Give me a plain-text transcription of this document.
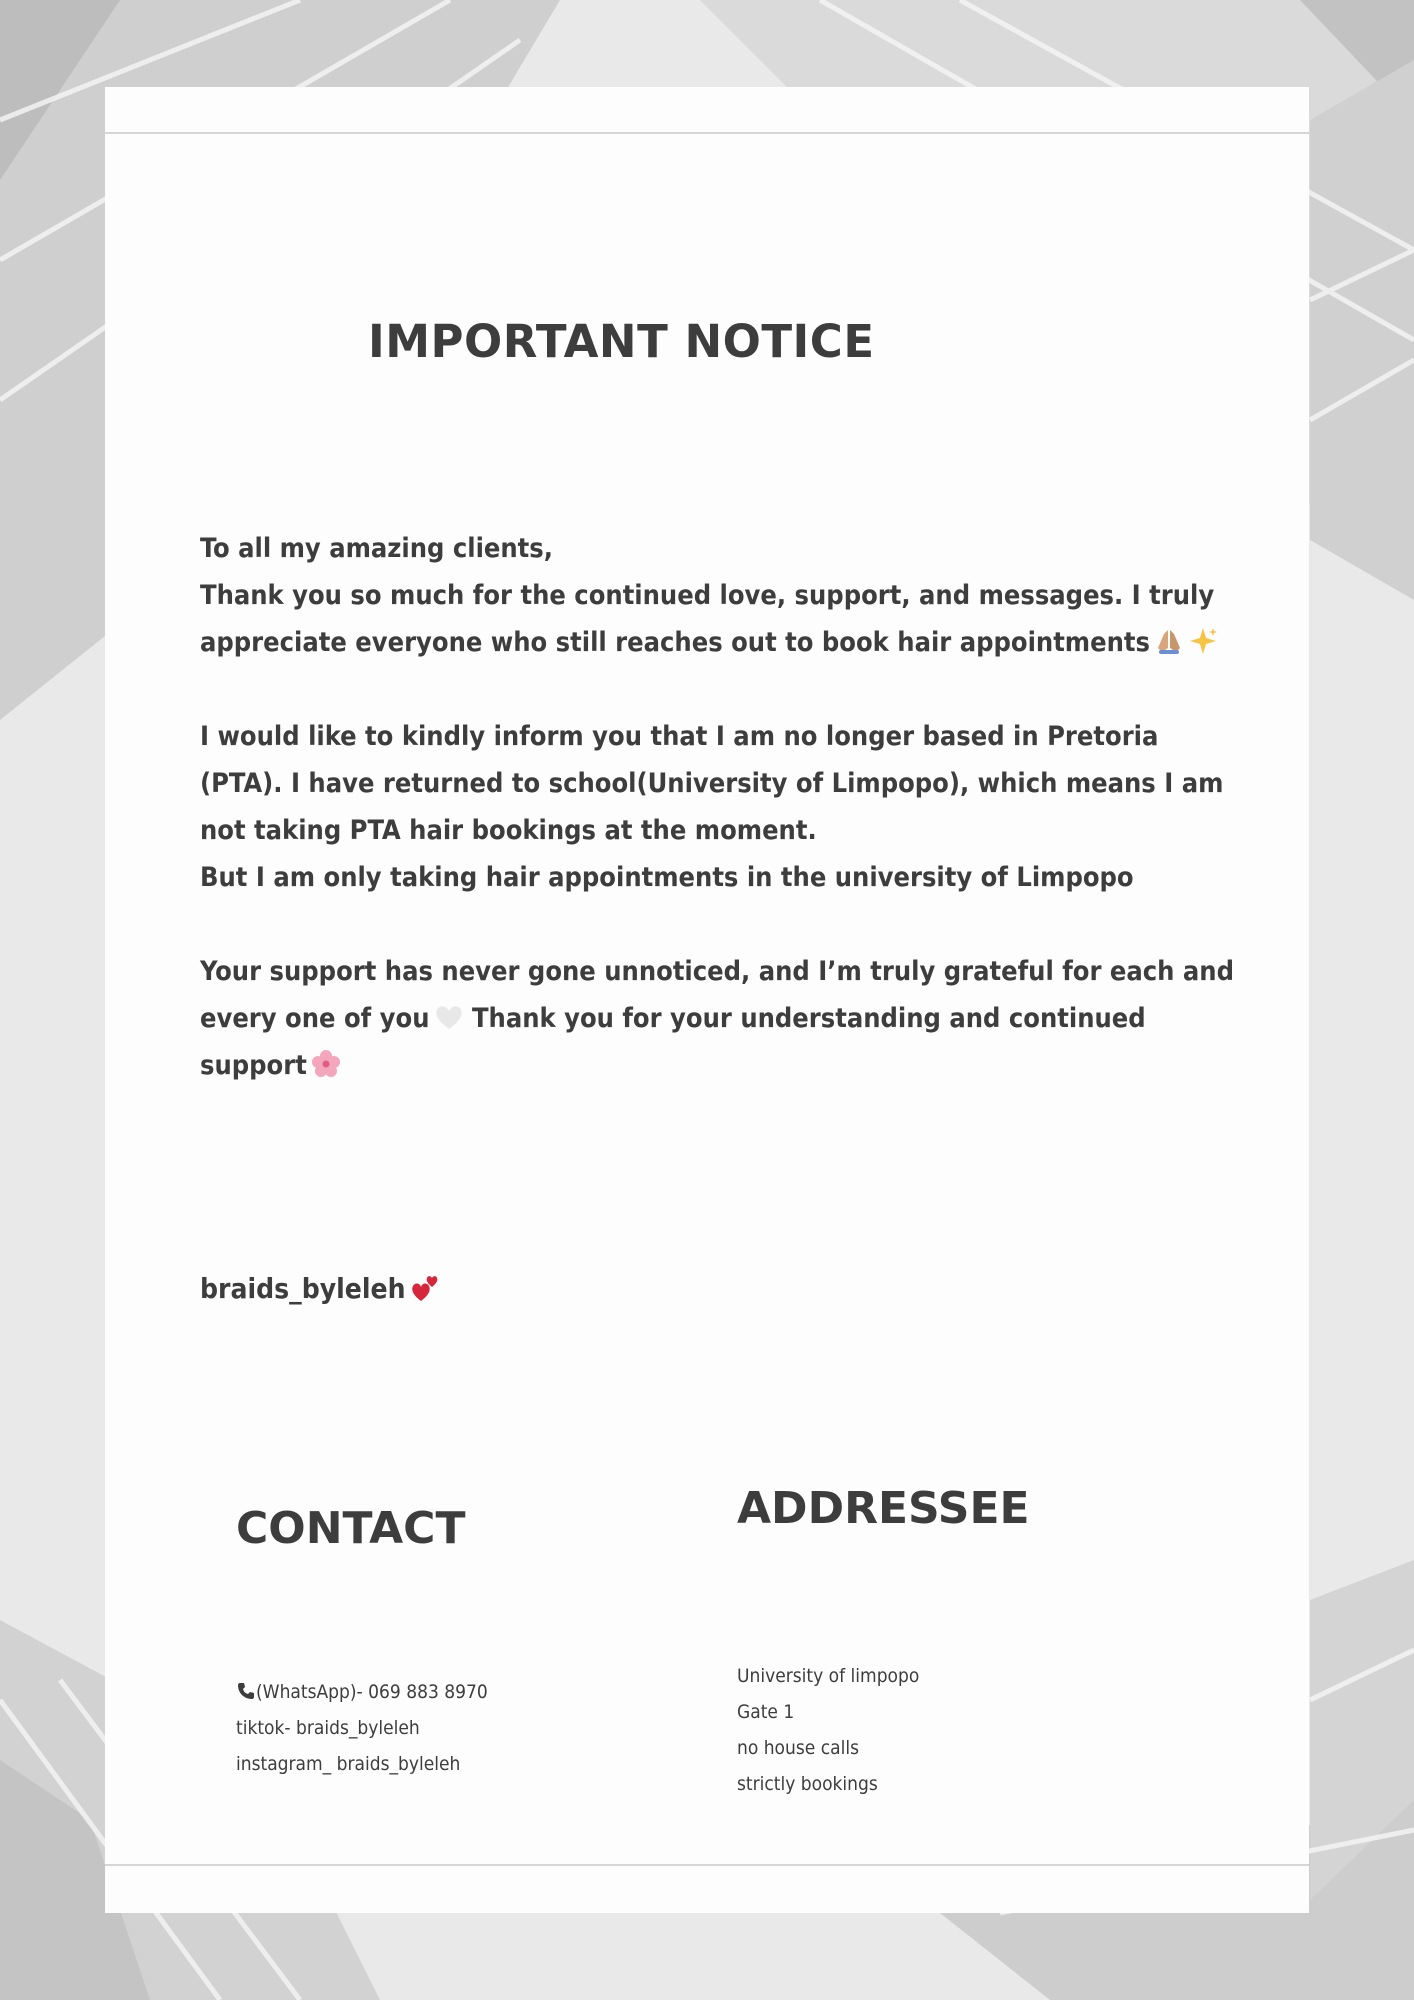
IMPORTANT NOTICE

To all my amazing clients,

Thank you so much for the continued love, support, and messages. I truly

appreciate everyone who still reaches out to book hair appointments

I would like to kindly inform you that I am no longer based in Pretoria

(PTA). I have returned to school(University of Limpopo), which means I am

not taking PTA hair bookings at the moment.

But I am only taking hair appointments in the university of Limpopo

Your support has never gone unnoticed, and I’m truly grateful for each and

every one of you
Thank you for your understanding and continued

support

braids_byleleh
CONTACT
(WhatsApp)- 069 883 8970
tiktok- braids_byleleh
instagram_ braids_byleleh
ADDRESSEE
University of limpopo
Gate 1
no house calls
strictly bookings
